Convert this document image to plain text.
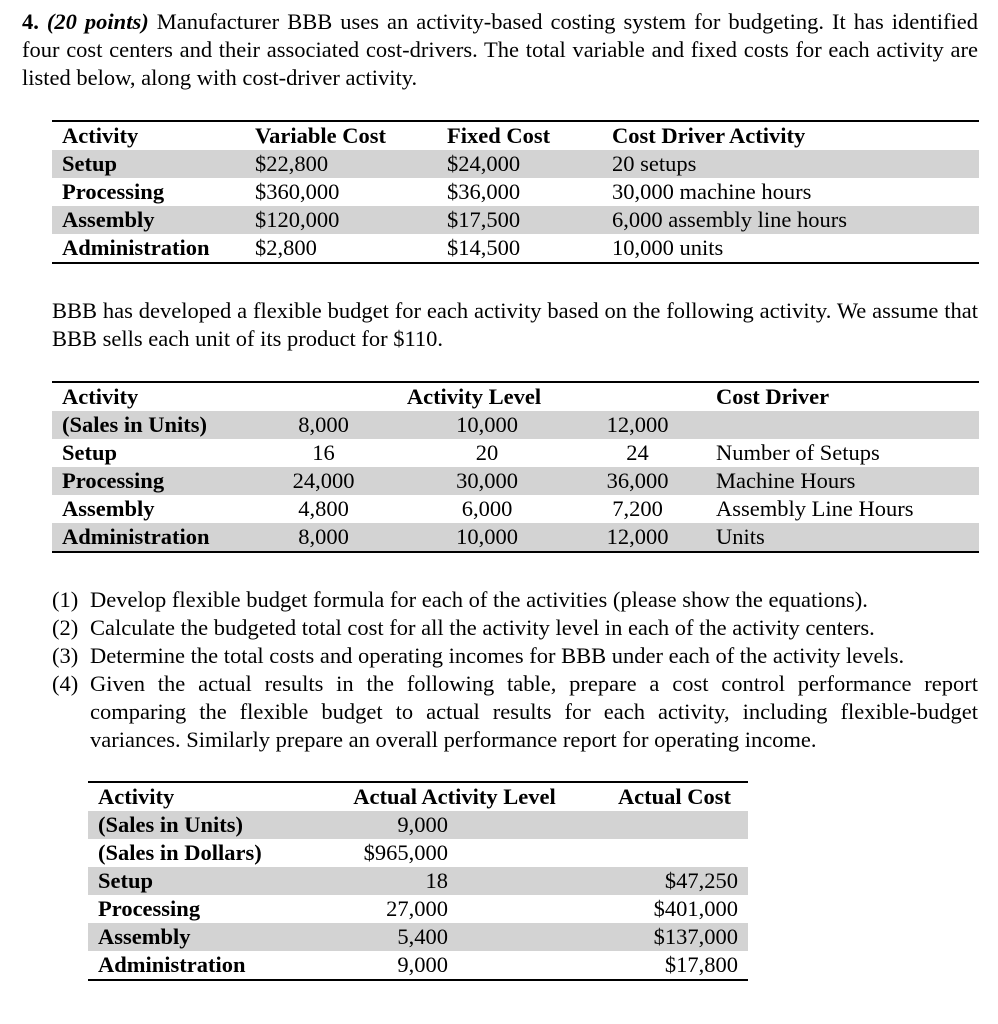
4. (20 points) Manufacturer BBB uses an activity-based costing system for budgeting. It has identified four cost centers and their associated cost-drivers. The total variable and fixed costs for each activity are listed below, along with cost-driver activity.

Activity	Variable Cost	Fixed Cost	Cost Driver Activity
Setup	$22,800	$24,000	20 setups
Processing	$360,000	$36,000	30,000 machine hours
Assembly	$120,000	$17,500	6,000 assembly line hours
Administration	$2,800	$14,500	10,000 units

BBB has developed a flexible budget for each activity based on the following activity. We assume that BBB sells each unit of its product for $110.

Activity	Activity Level			Cost Driver
(Sales in Units)	8,000	10,000	12,000	
Setup	16	20	24	Number of Setups
Processing	24,000	30,000	36,000	Machine Hours
Assembly	4,800	6,000	7,200	Assembly Line Hours
Administration	8,000	10,000	12,000	Units
(1) Develop flexible budget formula for each of the activities (please show the equations).
(2) Calculate the budgeted total cost for all the activity level in each of the activity centers.
(3) Determine the total costs and operating incomes for BBB under each of the activity levels.
(4) Given the actual results in the following table, prepare a cost control performance report comparing the flexible budget to actual results for each activity, including flexible-budget variances. Similarly prepare an overall performance report for operating income.
Activity	Actual Activity Level		Actual Cost
(Sales in Units)	9,000		
(Sales in Dollars)	$965,000		
Setup	18		$47,250
Processing	27,000		$401,000
Assembly	5,400		$137,000
Administration	9,000		$17,800
